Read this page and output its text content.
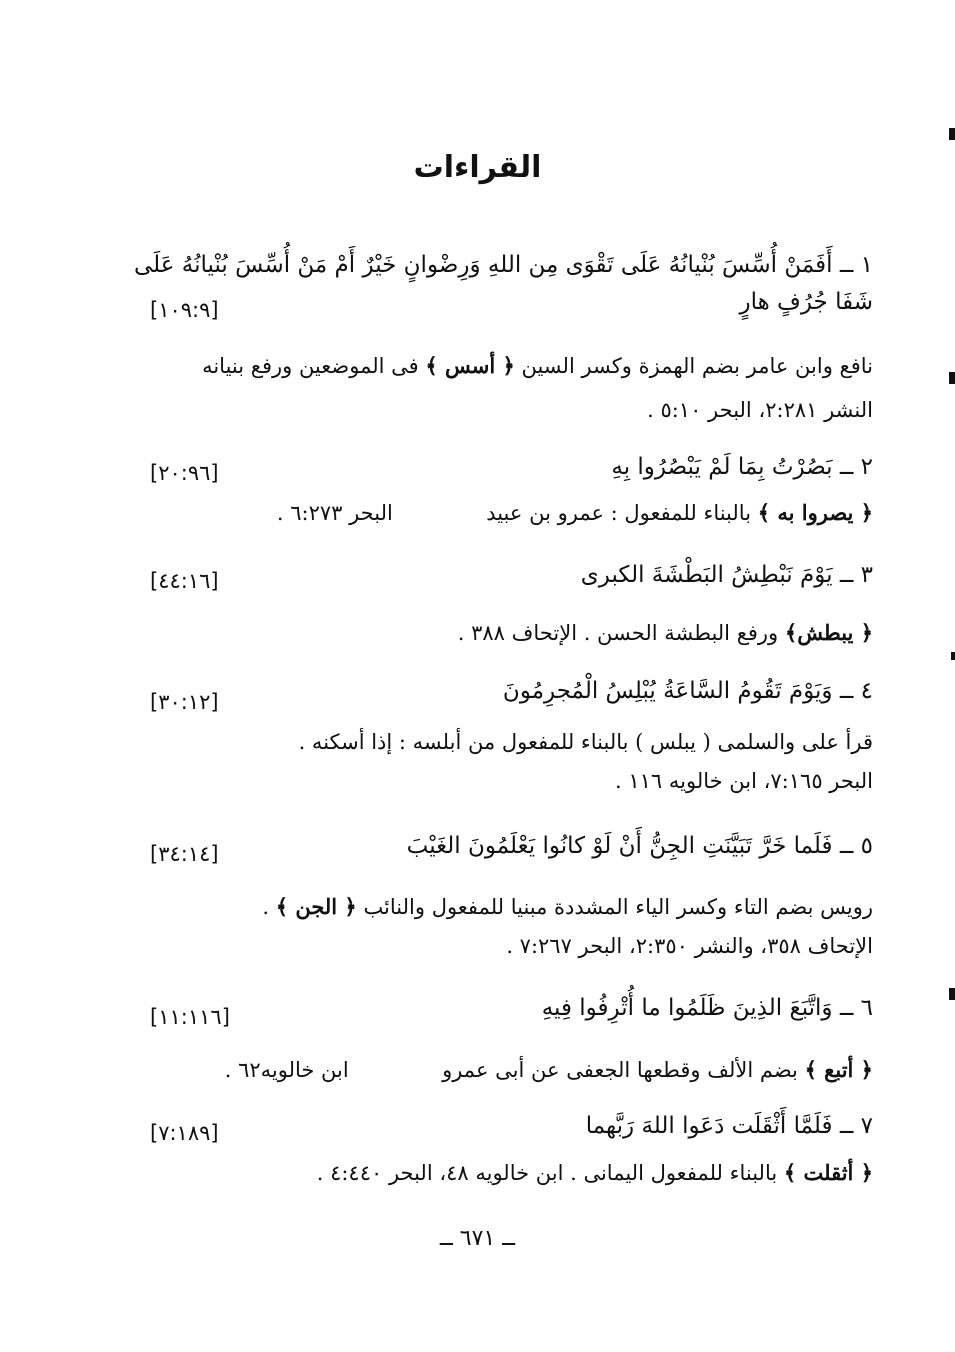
القراءات
١ ــ أَفَمَنْ أُسِّسَ بُنْيانُهُ عَلَى تَقْوَى مِن اللهِ وَرِضْوانٍ خَيْرٌ أَمْ مَنْ أُسِّسَ بُنْيانُهُ عَلَى
شَفَا جُرُفٍ هارٍ
[١٠٩:٩]
نافع وابن عامر بضم الهمزة وكسر السين ﴿ أسس ﴾ فى الموضعين ورفع بنيانه
النشر ٢:٢٨١، البحر ٥:١٠ .
٢ ــ بَصُرْتُ بِمَا لَمْ يَبْصُرُوا بِهِ
[٢٠:٩٦]
﴿ يصروا به ﴾ بالبناء للمفعول : عمرو بن عبيد  البحر ٦:٢٧٣ .
٣ ــ يَوْمَ نَبْطِشُ البَطْشَةَ الكبرى
[٤٤:١٦]
﴿ يبطش﴾ ورفع البطشة الحسن . الإتحاف ٣٨٨ .
٤ ــ وَيَوْمَ تَقُومُ السَّاعَةُ يُبْلِسُ الْمُجرِمُونَ
[٣٠:١٢]
قرأ على والسلمى ( يبلس ) بالبناء للمفعول من أبلسه : إذا أسكنه .
البحر ٧:١٦٥، ابن خالويه ١١٦ .
٥ ــ فَلَما خَرَّ تَبَيَّنَتِ الجِنُّ أَنْ لَوْ كانُوا يَعْلَمُونَ الغَيْبَ
[٣٤:١٤]
رويس بضم التاء وكسر الياء المشددة مبنيا للمفعول والنائب ﴿ الجن ﴾ .
الإتحاف ٣٥٨، والنشر ٢:٣٥٠، البحر ٧:٢٦٧ .
٦ ــ وَاتَّبَعَ الذِينَ ظَلَمُوا ما أُتْرِفُوا فِيهِ
[١١:١١٦]
﴿ أتبع ﴾ بضم الألف وقطعها الجعفى عن أبى عمرو  ابن خالويه٦٢ .
٧ ــ فَلَمَّا أَثْقَلَت دَعَوا اللهَ رَبَّهما
[٧:١٨٩]
﴿ أثقلت ﴾ بالبناء للمفعول اليمانى . ابن خالويه ٤٨، البحر ٤:٤٤٠ .
ــ ٦٧١ ــ
